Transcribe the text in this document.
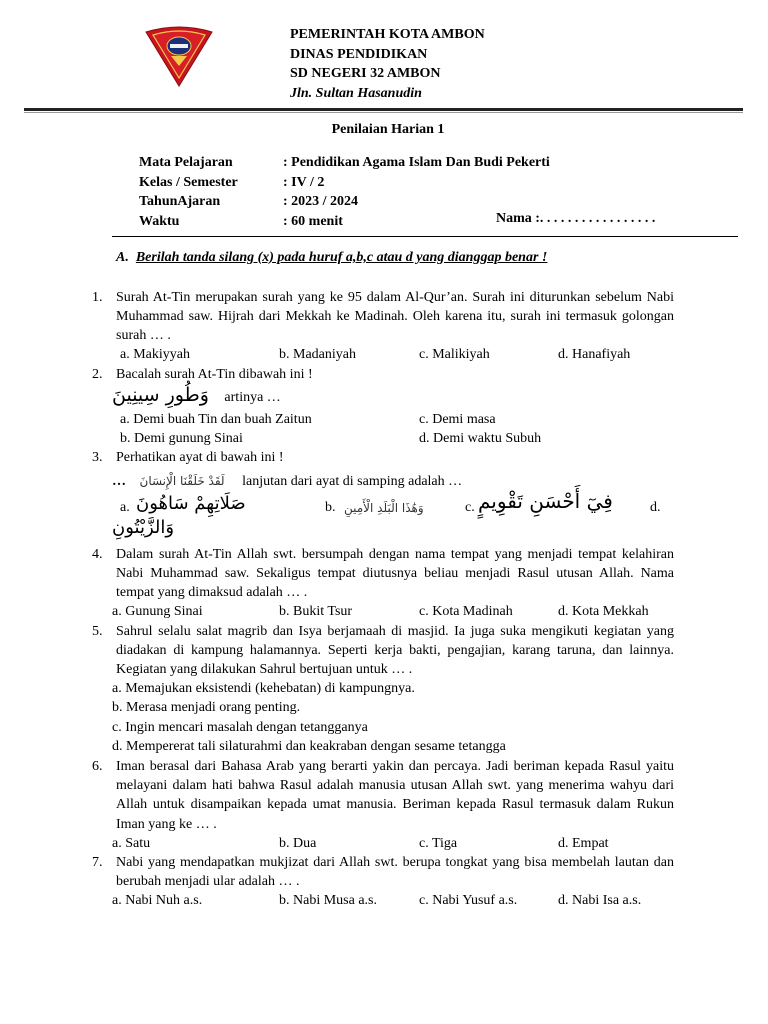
PEMERINTAH KOTA AMBON
DINAS PENDIDIKAN
SD NEGERI 32 AMBON
Jln. Sultan Hasanudin
Penilaian Harian 1
Mata Pelajaran	: Pendidikan Agama Islam Dan Budi Pekerti
Kelas / Semester	: IV / 2
TahunAjaran	: 2023 / 2024
Waktu	: 60 menit	Nama :. . . . . . . . . . . . . . . . .
A. Berilah tanda silang (x) pada huruf a,b,c atau d yang dianggap benar !
1. Surah At-Tin merupakan surah yang ke 95 dalam Al-Qur’an. Surah ini diturunkan sebelum Nabi Muhammad saw. Hijrah dari Mekkah ke Madinah. Oleh karena itu, surah ini termasuk golongan surah … .
a. Makiyyah	b. Madaniyah	c. Malikiyah	d. Hanafiyah
2. Bacalah surah At-Tin dibawah ini !
وَطُورِ سِينِينَ artinya …
a. Demi buah Tin dan buah Zaitun	c. Demi masa
b. Demi gunung Sinai	d. Demi waktu Subuh
3. Perhatikan ayat di bawah ini !
… لَقَدْ خَلَقْنَا الْإِنسَانَ lanjutan dari ayat di samping adalah …
a. صَلَاتِهِمْ سَاهُونَ	b. وَهَٰذَا الْبَلَدِ الْأَمِينِ	c. فِيٓ أَحْسَنِ تَقْوِيمٍ	d.
وَالزَّيْتُونِ
4. Dalam surah At-Tin Allah swt. bersumpah dengan nama tempat yang menjadi tempat kelahiran Nabi Muhammad saw. Sekaligus tempat diutusnya beliau menjadi Rasul utusan Allah. Nama tempat yang dimaksud adalah … .
a. Gunung Sinai	b. Bukit Tsur	c. Kota Madinah	d. Kota Mekkah
5. Sahrul selalu salat magrib dan Isya berjamaah di masjid. Ia juga suka mengikuti kegiatan yang diadakan di kampung halamannya. Seperti kerja bakti, pengajian, karang taruna, dan lainnya. Kegiatan yang dilakukan Sahrul bertujuan untuk … .
a. Memajukan eksistendi (kehebatan) di kampungnya.
b. Merasa menjadi orang penting.
c. Ingin mencari masalah dengan tetangganya
d. Mempererat tali silaturahmi dan keakraban dengan sesame tetangga
6. Iman berasal dari Bahasa Arab yang berarti yakin dan percaya. Jadi beriman kepada Rasul yaitu melayani dalam hati bahwa Rasul adalah manusia utusan Allah swt. yang menerima wahyu dari Allah untuk disampaikan kepada umat manusia. Beriman kepada Rasul termasuk dalam Rukun Iman yang ke … .
a. Satu	b. Dua	c. Tiga	d. Empat
7. Nabi yang mendapatkan mukjizat dari Allah swt. berupa tongkat yang bisa membelah lautan dan berubah menjadi ular adalah … .
a. Nabi Nuh a.s.	b. Nabi Musa a.s.	c. Nabi Yusuf a.s.	d. Nabi Isa a.s.
